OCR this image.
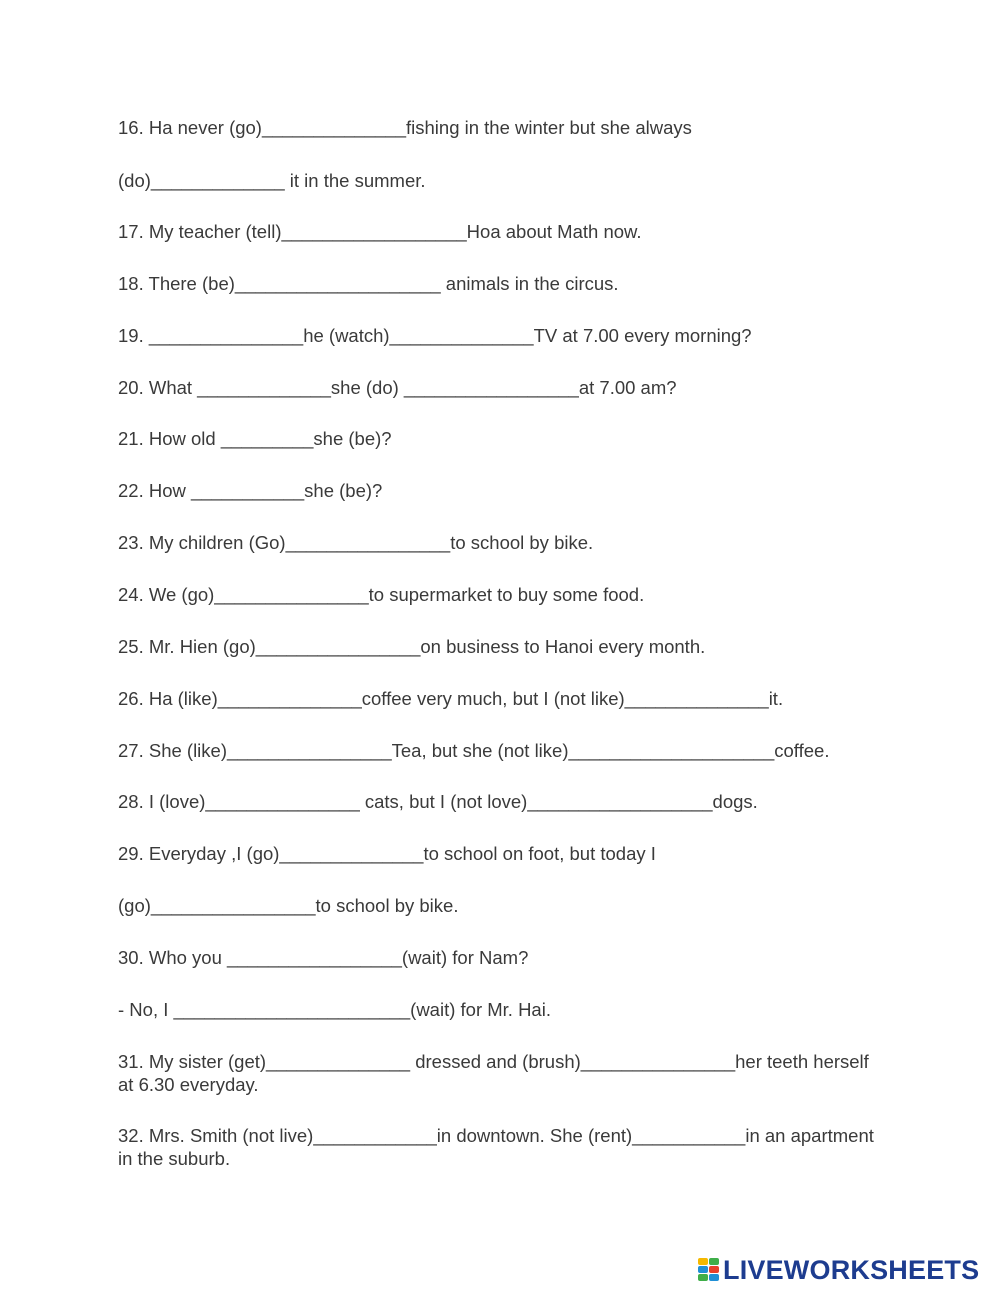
16. Ha never (go)______________fishing in the winter but she always
(do)_____________ it in the summer.
17. My teacher (tell)__________________Hoa about Math now.
18. There (be)____________________ animals in the circus.
19. _______________he (watch)______________TV at 7.00 every morning?
20. What _____________she (do) _________________at 7.00 am?
21. How old _________she (be)?
22. How ___________she (be)?
23. My children (Go)________________to school by bike.
24. We (go)_______________to supermarket to buy some food.
25. Mr. Hien (go)________________on business to Hanoi every month.
26. Ha (like)______________coffee very much, but I (not like)______________it.
27. She (like)________________Tea, but she (not like)____________________coffee.
28. I (love)_______________ cats, but I (not love)__________________dogs.
29. Everyday ,I (go)______________to school on foot, but today I
(go)________________to school by bike.
30. Who you _________________(wait) for Nam?
- No, I _______________________(wait) for Mr. Hai.
31. My sister (get)______________ dressed and (brush)_______________her teeth herself at 6.30 everyday.
32. Mrs. Smith (not live)____________in downtown. She (rent)___________in an apartment in the suburb.
LIVEWORKSHEETS
